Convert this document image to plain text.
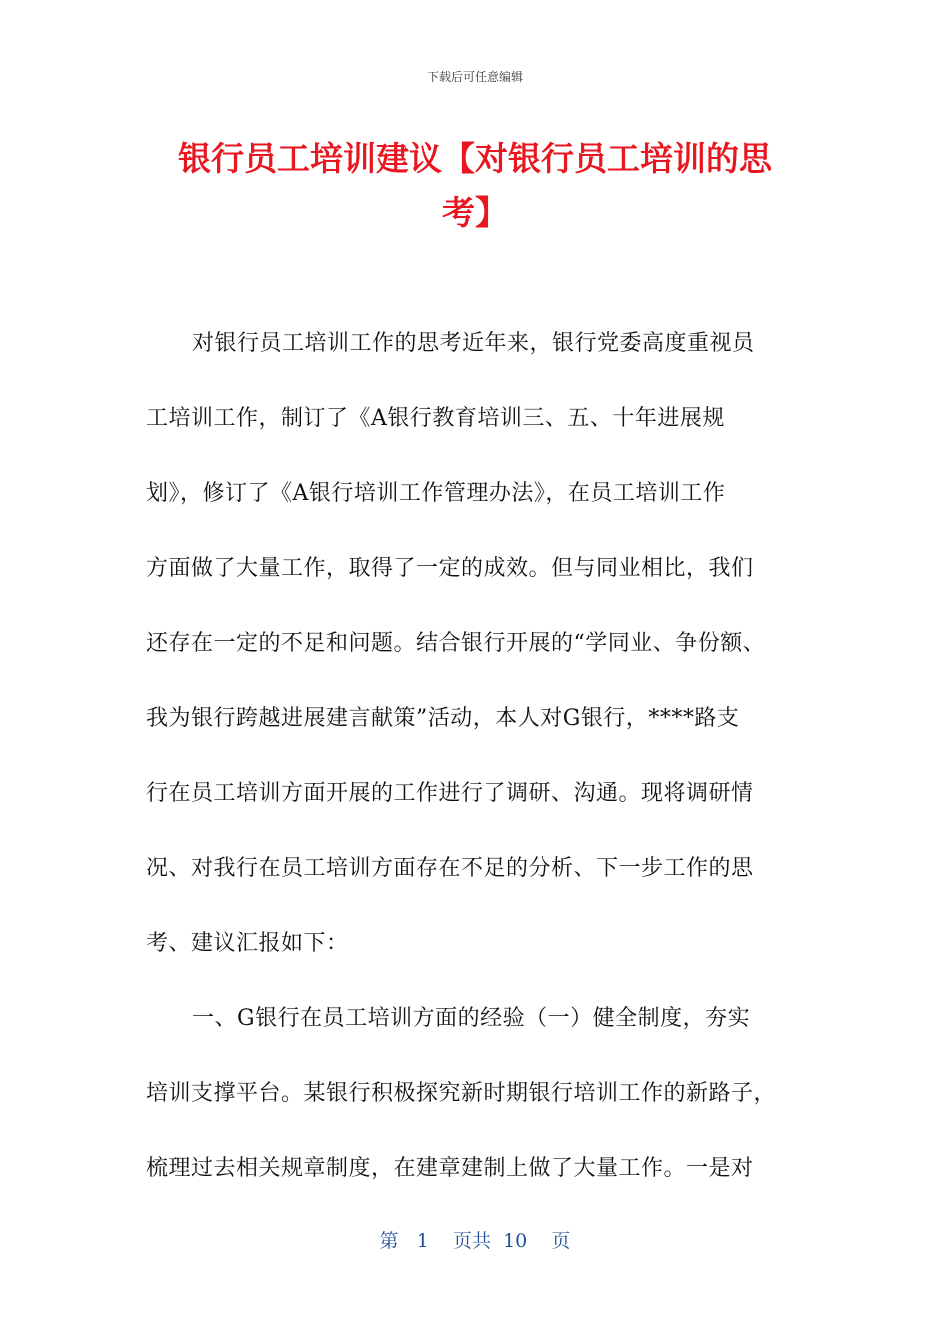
下载后可任意编辑

银行员工培训建议【对银行员工培训的思
考】
对银行员工培训工作的思考近年来，银行党委高度重视员
工培训工作，制订了《A银行教育培训三、五、十年进展规
划》，修订了《A银行培训工作管理办法》，在员工培训工作
方面做了大量工作，取得了一定的成效。但与同业相比，我们
还存在一定的不足和问题。结合银行开展的“学同业、争份额、
我为银行跨越进展建言献策”活动，本人对G银行，****路支
行在员工培训方面开展的工作进行了调研、沟通。现将调研情
况、对我行在员工培训方面存在不足的分析、下一步工作的思
考、建议汇报如下：
一、G银行在员工培训方面的经验（一）健全制度，夯实
培训支撑平台。某银行积极探究新时期银行培训工作的新路子，
梳理过去相关规章制度，在建章建制上做了大量工作。一是对
第 1 页共 10 页
